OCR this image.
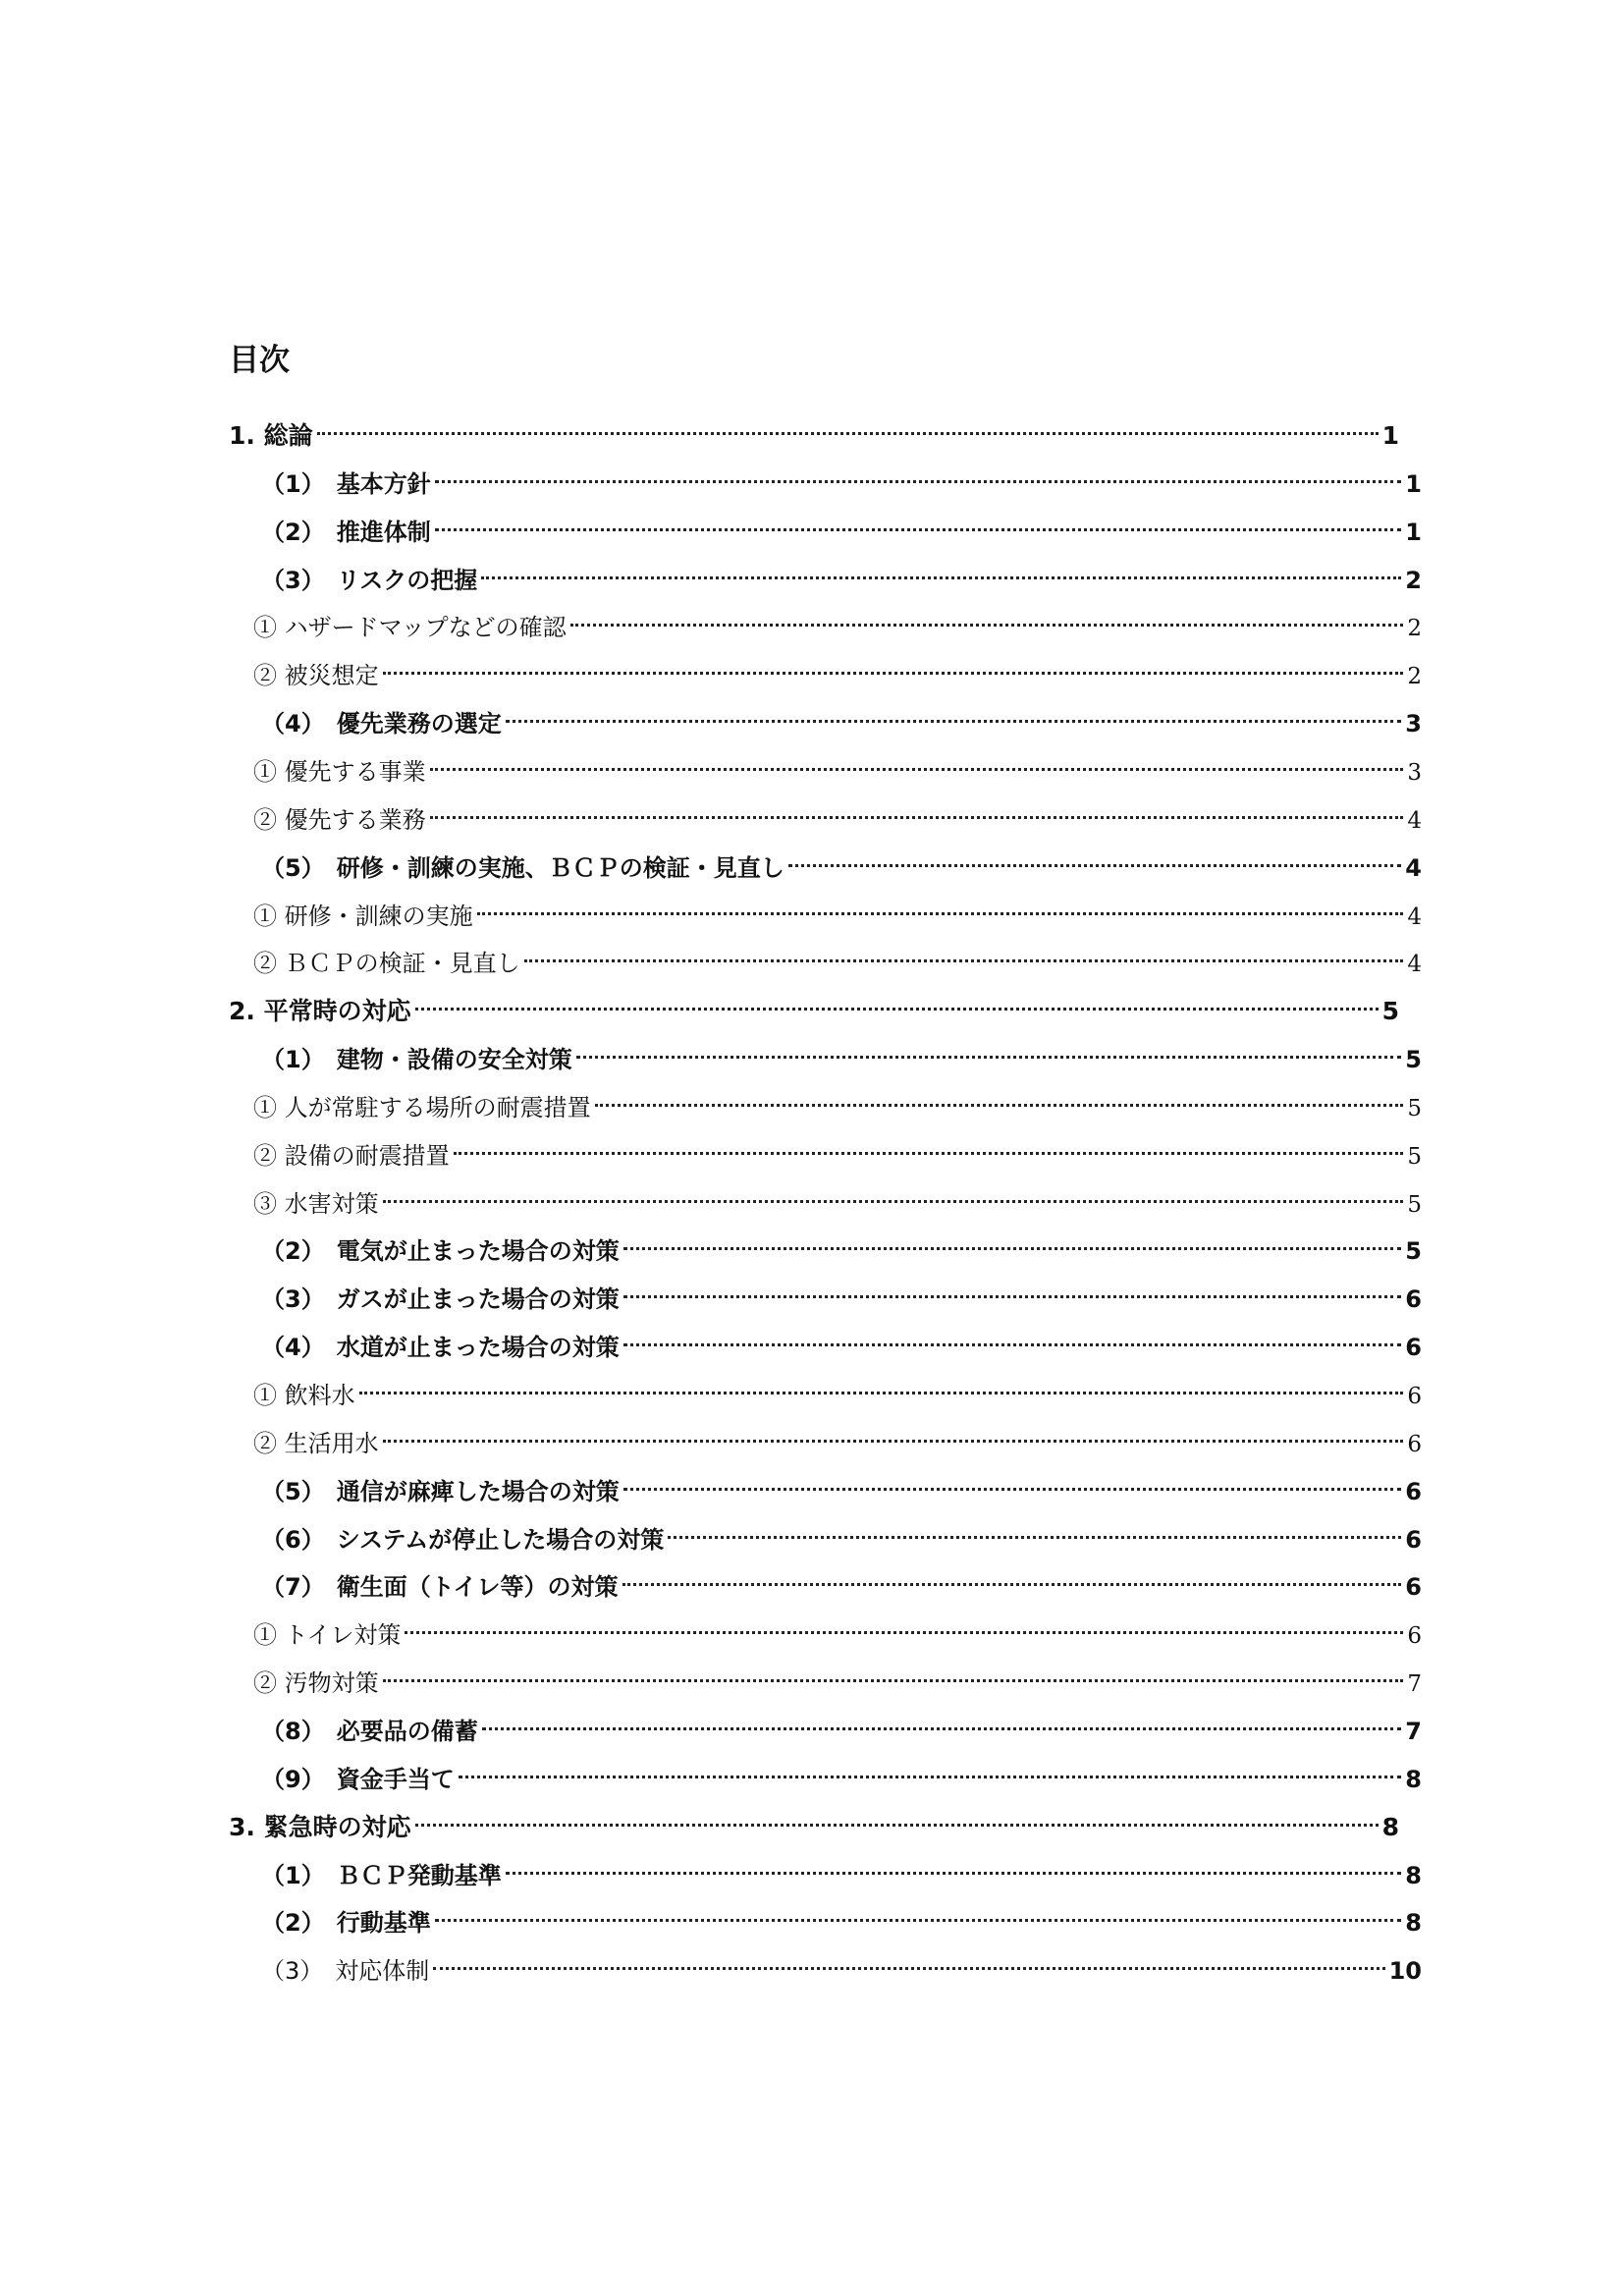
目次
1. 総論	1
（1）　基本方針	1
（2）　推進体制	1
（3）　リスクの把握	2
① ハザードマップなどの確認	2
② 被災想定	2
（4）　優先業務の選定	3
① 優先する事業	3
② 優先する業務	4
（5）　研修・訓練の実施、ＢＣＰの検証・見直し	4
① 研修・訓練の実施	4
② ＢＣＰの検証・見直し	4
2. 平常時の対応	5
（1）　建物・設備の安全対策	5
① 人が常駐する場所の耐震措置	5
② 設備の耐震措置	5
③ 水害対策	5
（2）　電気が止まった場合の対策	5
（3）　ガスが止まった場合の対策	6
（4）　水道が止まった場合の対策	6
① 飲料水	6
② 生活用水	6
（5）　通信が麻痺した場合の対策	6
（6）　システムが停止した場合の対策	6
（7）　衛生面（トイレ等）の対策	6
① トイレ対策	6
② 汚物対策	7
（8）　必要品の備蓄	7
（9）　資金手当て	8
3. 緊急時の対応	8
（1）　ＢＣＰ発動基準	8
（2）　行動基準	8
（3）　対応体制	10
